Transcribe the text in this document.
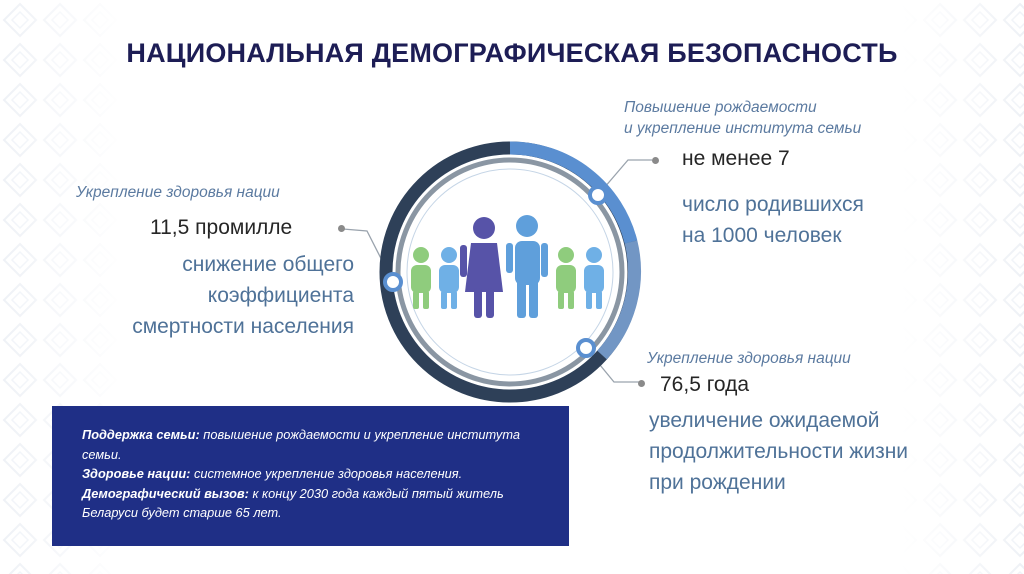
НАЦИОНАЛЬНАЯ ДЕМОГРАФИЧЕСКАЯ БЕЗОПАСНОСТЬ
Укрепление здоровья нации
11,5 промилле
снижение общего
коэффициента
смертности населения
Повышение рождаемости
и укрепление института семьи
не менее 7
число родившихся
на 1000 человек
Укрепление здоровья нации
76,5 года
увеличение ожидаемой
продолжительности жизни
при рождении
Поддержка семьи: повышение рождаемости и укрепление института семьи.
Здоровье нации: системное укрепление здоровья населения.
Демографический вызов: к концу 2030 года каждый пятый житель Беларуси будет старше 65 лет.
